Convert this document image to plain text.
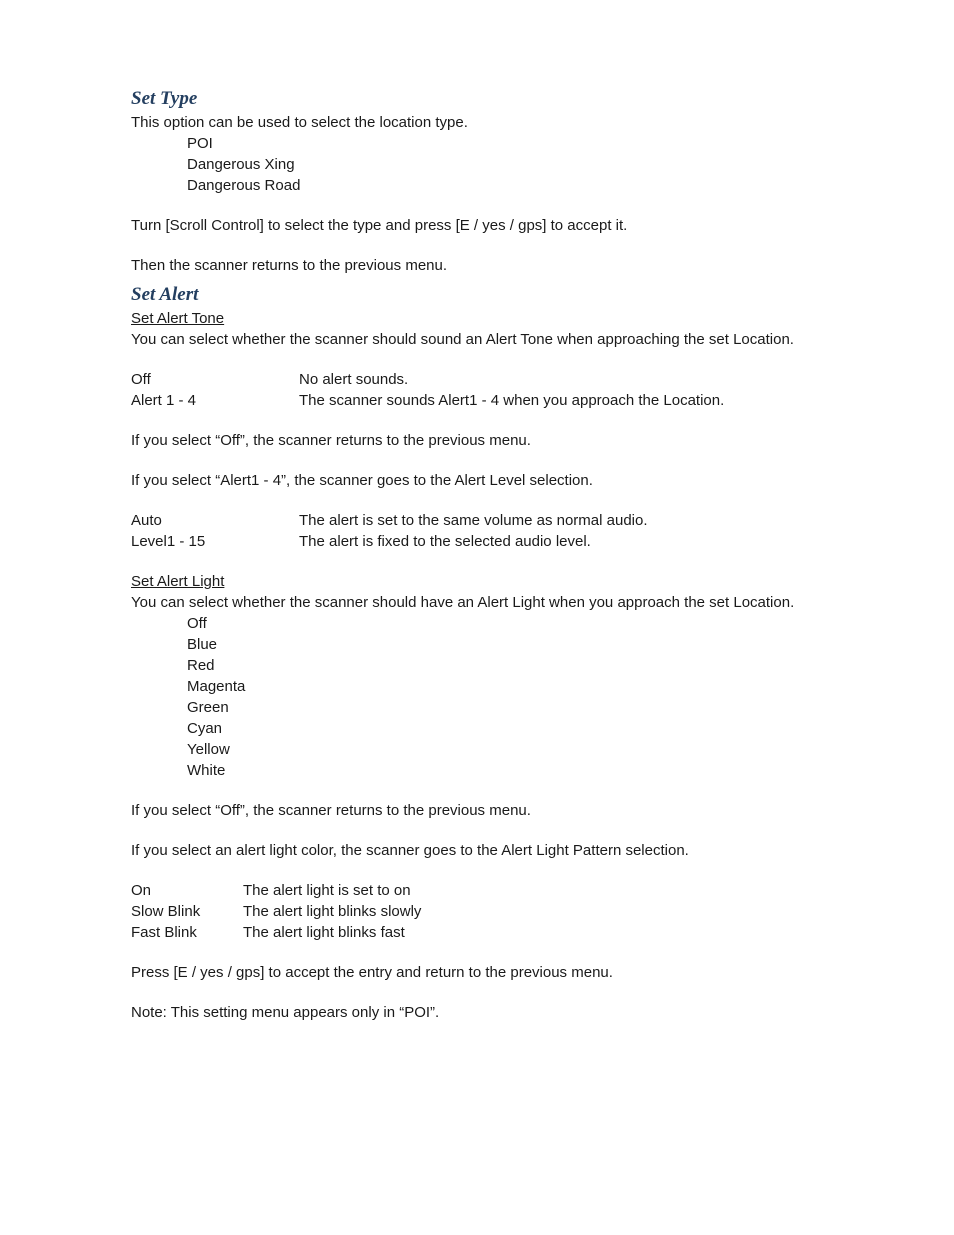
Set Type
This option can be used to select the location type.
POI
Dangerous Xing
Dangerous Road
Turn [Scroll Control] to select the type and press [E / yes / gps] to accept it.
Then the scanner returns to the previous menu.
Set Alert
Set Alert Tone
You can select whether the scanner should sound an Alert Tone when approaching the set Location.
Off	No alert sounds.
Alert 1 - 4	The scanner sounds Alert1 - 4 when you approach the Location.
If you select “Off”, the scanner returns to the previous menu.
If you select “Alert1 - 4”, the scanner goes to the Alert Level selection.
Auto	The alert is set to the same volume as normal audio.
Level1 - 15	The alert is fixed to the selected audio level.
Set Alert Light
You can select whether the scanner should have an Alert Light when you approach the set Location.
Off
Blue
Red
Magenta
Green
Cyan
Yellow
White
If you select “Off”, the scanner returns to the previous menu.
If you select an alert light color, the scanner goes to the Alert Light Pattern selection.
On	The alert light is set to on
Slow Blink	The alert light blinks slowly
Fast Blink	The alert light blinks fast
Press [E / yes / gps] to accept the entry and return to the previous menu.
Note: This setting menu appears only in “POI”.
